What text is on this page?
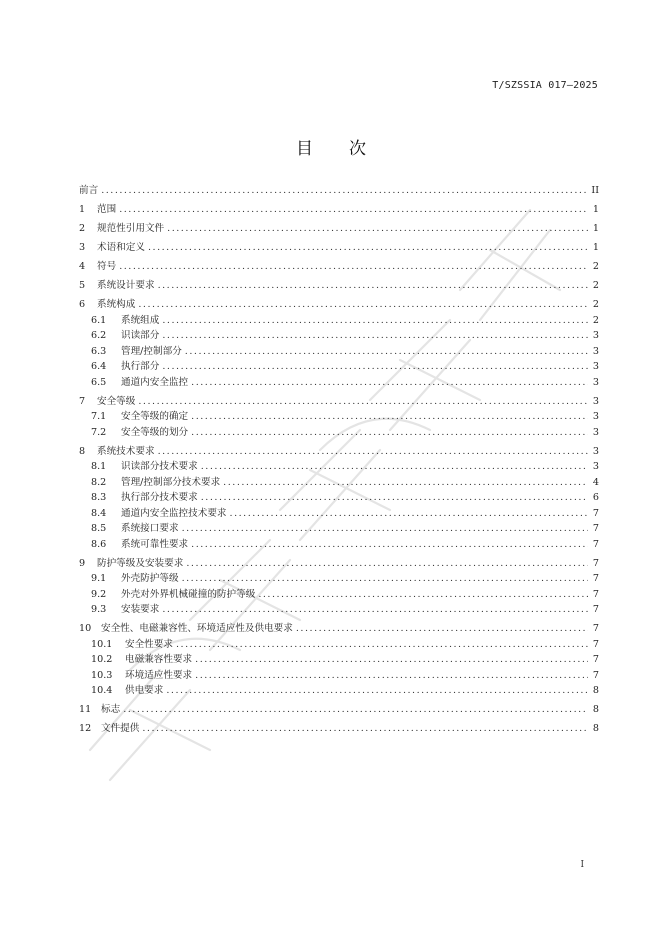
T/SZSSIA 017—2025
目次
前言 .....	II
1	范围 .....	1
2	规范性引用文件 .....	1
3	术语和定义 .....	1
4	符号 .....	2
5	系统设计要求 .....	2
6	系统构成 .....	2
6.1	系统组成 .....	2
6.2	识读部分 .....	3
6.3	管理/控制部分 .....	3
6.4	执行部分 .....	3
6.5	通道内安全监控 .....	3
7	安全等级 .....	3
7.1	安全等级的确定 .....	3
7.2	安全等级的划分 .....	3
8	系统技术要求 .....	3
8.1	识读部分技术要求 .....	3
8.2	管理/控制部分技术要求 .....	4
8.3	执行部分技术要求 .....	6
8.4	通道内安全监控技术要求 .....	7
8.5	系统接口要求 .....	7
8.6	系统可靠性要求 .....	7
9	防护等级及安装要求 .....	7
9.1	外壳防护等级 .....	7
9.2	外壳对外界机械碰撞的防护等级 .....	7
9.3	安装要求 .....	7
10	安全性、电磁兼容性、环境适应性及供电要求 .....	7
10.1	安全性要求 .....	7
10.2	电磁兼容性要求 .....	7
10.3	环境适应性要求 .....	7
10.4	供电要求 .....	8
11	标志 .....	8
12	文件提供 .....	8
I
